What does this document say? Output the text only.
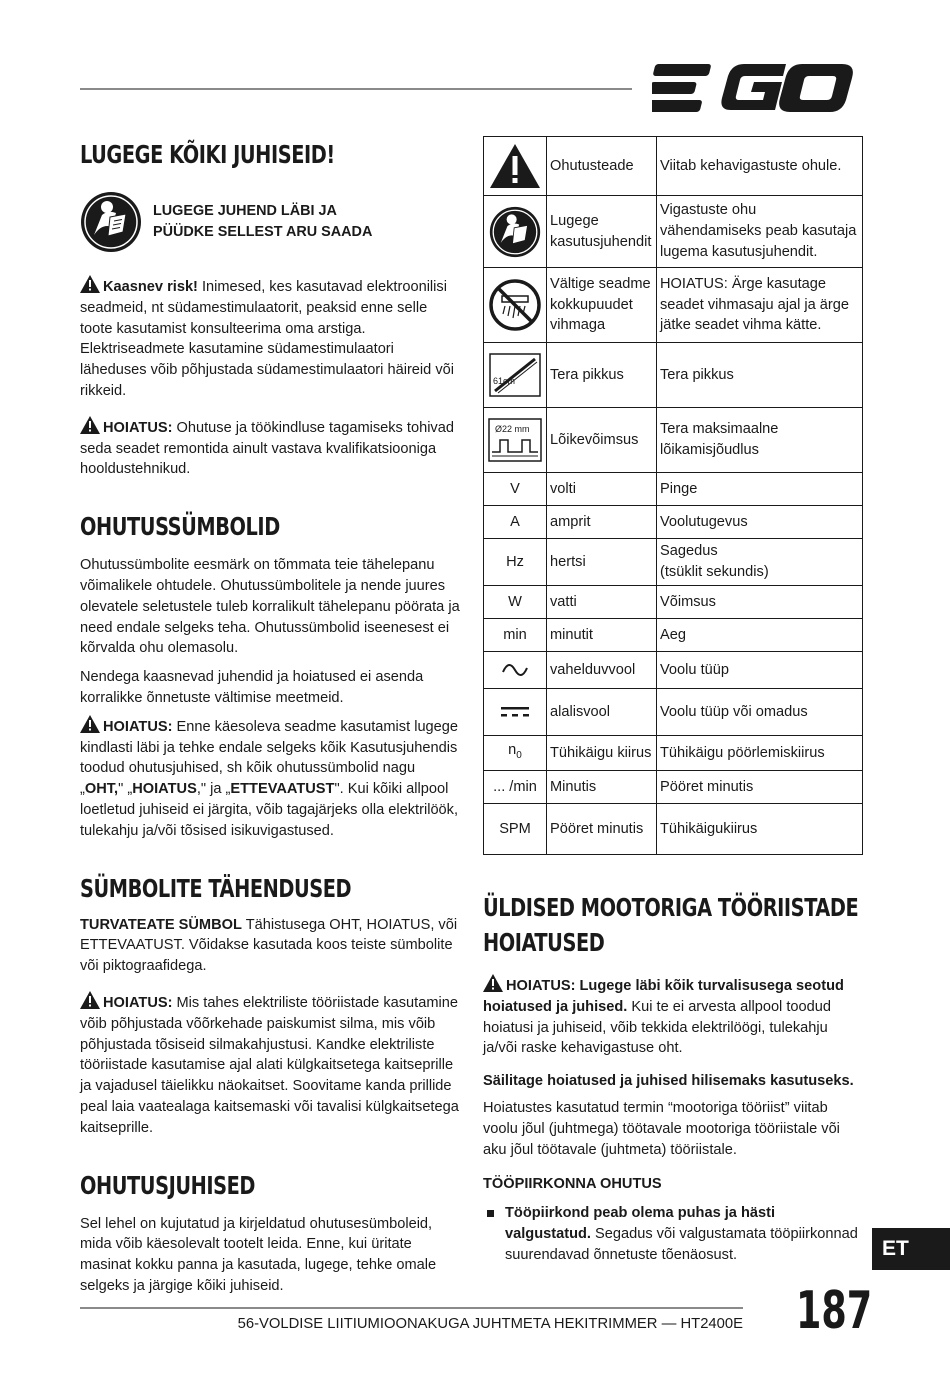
LUGEGE KÕIKI JUHISEID!
LUGEGE JUHEND LÄBI JA
PÜÜDKE SELLEST ARU SAADA

Kaasnev risk! Inimesed, kes kasutavad elektroonilisi seadmeid, nt südamestimulaatorit, peaksid enne selle toote kasutamist konsulteerima oma arstiga. Elektriseadmete kasutamine südamestimulaatori läheduses võib põhjustada südamestimulaatori häireid või rikkeid.

HOIATUS: Ohutuse ja töökindluse tagamiseks tohivad seda seadet remontida ainult vastava kvalifikatsiooniga hooldustehnikud.

OHUTUSSÜMBOLID

Ohutussümbolite eesmärk on tõmmata teie tähelepanu võimalikele ohtudele. Ohutussümbolitele ja nende juures olevatele seletustele tuleb korralikult tähelepanu pöörata ja need endale selgeks teha. Ohutussümbolid iseenesest ei kõrvalda ohu olemasolu.

Nendega kaasnevad juhendid ja hoiatused ei asenda korralikke õnnetuste vältimise meetmeid.

HOIATUS: Enne käesoleva seadme kasutamist lugege kindlasti läbi ja tehke endale selgeks kõik Kasutusjuhendis toodud ohutusjuhised, sh kõik ohutussümbolid nagu „OHT," „HOIATUS," ja „ETTEVAATUST". Kui kõiki allpool loetletud juhiseid ei järgita, võib tagajärjeks olla elektrilöök, tulekahju ja/või tõsised isikuvigastused.

SÜMBOLITE TÄHENDUSED

TURVATEATE SÜMBOL Tähistusega OHT, HOIATUS, või ETTEVAATUST. Võidakse kasutada koos teiste sümbolite või piktograafidega.

HOIATUS: Mis tahes elektriliste tööriistade kasutamine võib põhjustada võõrkehade paiskumist silma, mis võib põhjustada tõsiseid silmakahjustusi. Kandke elektriliste tööriistade kasutamise ajal alati külgkaitsetega kaitseprille ja vajadusel täielikku näokaitset. Soovitame kanda prillide peal laia vaatealaga kaitsemaski või tavalisi külgkaitsetega kaitseprille.

OHUTUSJUHISED

Sel lehel on kujutatud ja kirjeldatud ohutusesümboleid, mida võib käesolevalt tootelt leida. Enne, kui üritate masinat kokku panna ja kasutada, lugege, tehke omale selgeks ja järgige kõiki juhiseid.

	Ohutusteade	Viitab kehavigastuste ohule.

	Lugege kasutusjuhendit	Vigastuste ohu vähendamiseks peab kasutaja lugema kasutusjuhendit.

	Vältige seadme kokkupuudet vihmaga	HOIATUS: Ärge kasutage seadet vihmasaju ajal ja ärge jätke seadet vihma kätte.

61cm	Tera pikkus	Tera pikkus

Ø22 mm	Lõikevõimsus	Tera maksimaalne lõikamisjõudlus
V	volti	Pinge
A	amprit	Voolutugevus
Hz	hertsi	Sagedus
(tsüklit sekundis)

W	vatti	Võimsus
min	minutit	Aeg

	vahelduvvool	Voolu tüüp

	alalisvool	Voolu tüüp või omadus
$n_0$	Tühikäigu kiirus	Tühikäigu pöörlemiskiirus
... /min	Minutis	Pööret minutis
SPM	Pööret minutis	Tühikäigukiirus
ÜLDISED MOOTORIGA TÖÖRIISTADE HOIATUSED

HOIATUS: Lugege läbi kõik turvalisusega seotud hoiatused ja juhised. Kui te ei arvesta allpool toodud hoiatusi ja juhiseid, võib tekkida elektrilöögi, tulekahju ja/või raske kehavigastuse oht.

Säilitage hoiatused ja juhised hilisemaks kasutuseks.

Hoiatustes kasutatud termin “mootoriga tööriist” viitab voolu jõul (juhtmega) töötavale mootoriga tööriistale või aku jõul töötavale (juhtmeta) tööriistale.

TÖÖPIIRKONNA OHUTUS

Tööpiirkond peab olema puhas ja hästi valgustatud. Segadus või valgustamata tööpiirkonnad suurendavad õnnetuste tõenäosust.	ET
56-VOLDISE LIITIUMIOONAKUGA JUHTMETA HEKITRIMMER — HT2400E 187
